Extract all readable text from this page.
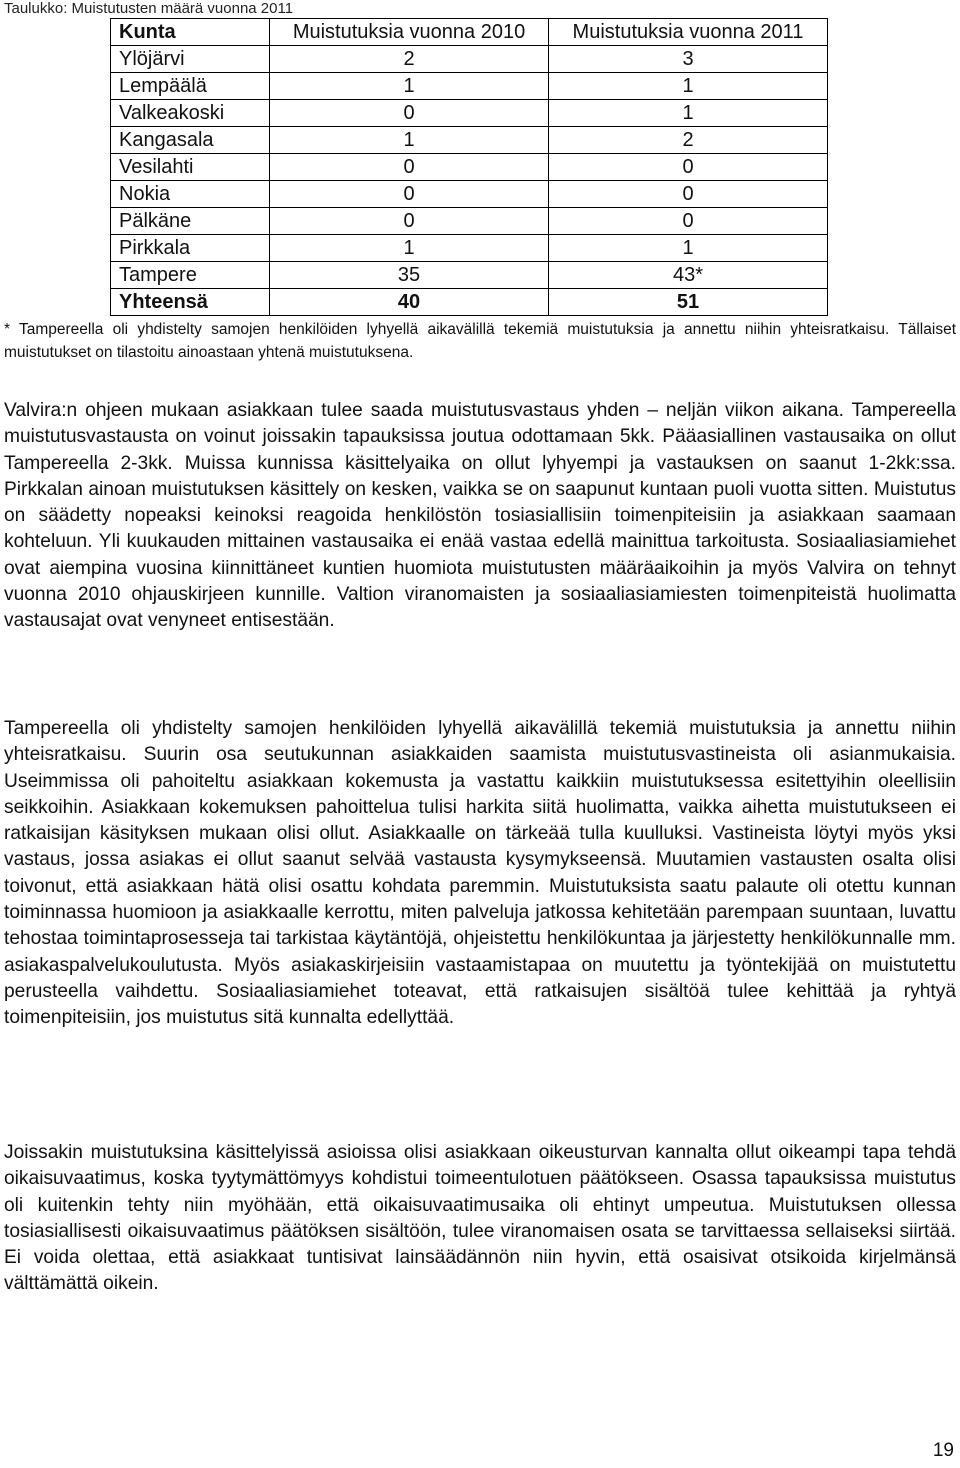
Taulukko: Muistutusten määrä vuonna 2011
Kunta	Muistutuksia vuonna 2010	Muistutuksia vuonna 2011
Ylöjärvi	2	3
Lempäälä	1	1
Valkeakoski	0	1
Kangasala	1	2
Vesilahti	0	0
Nokia	0	0
Pälkäne	0	0
Pirkkala	1	1
Tampere	35	43*
Yhteensä	40	51
* Tampereella oli yhdistelty samojen henkilöiden lyhyellä aikavälillä tekemiä muistutuksia ja annettu niihin yhteisratkaisu. Tällaiset muistutukset on tilastoitu ainoastaan yhtenä muistutuksena.

Valvira:n ohjeen mukaan asiakkaan tulee saada muistutusvastaus yhden – neljän viikon aikana. Tampereella muistutusvastausta on voinut joissakin tapauksissa joutua odottamaan 5kk. Pääasiallinen vastausaika on ollut Tampereella 2-3kk. Muissa kunnissa käsittelyaika on ollut lyhyempi ja vastauksen on saanut 1-2kk:ssa. Pirkkalan ainoan muistutuksen käsittely on kesken, vaikka se on saapunut kuntaan puoli vuotta sitten. Muistutus on säädetty nopeaksi keinoksi reagoida henkilöstön tosiasiallisiin toimenpiteisiin ja asiakkaan saamaan kohteluun. Yli kuukauden mittainen vastausaika ei enää vastaa edellä mainittua tarkoitusta. Sosiaaliasiamiehet ovat aiempina vuosina kiinnittäneet kuntien huomiota muistutusten määräaikoihin ja myös Valvira on tehnyt vuonna 2010 ohjauskirjeen kunnille. Valtion viranomaisten ja sosiaaliasiamiesten toimenpiteistä huolimatta vastausajat ovat venyneet entisestään.

Tampereella oli yhdistelty samojen henkilöiden lyhyellä aikavälillä tekemiä muistutuksia ja annettu niihin yhteisratkaisu. Suurin osa seutukunnan asiakkaiden saamista muistutusvastineista oli asianmukaisia. Useimmissa oli pahoiteltu asiakkaan kokemusta ja vastattu kaikkiin muistutuksessa esitettyihin oleellisiin seikkoihin. Asiakkaan kokemuksen pahoittelua tulisi harkita siitä huolimatta, vaikka aihetta muistutukseen ei ratkaisijan käsityksen mukaan olisi ollut. Asiakkaalle on tärkeää tulla kuulluksi. Vastineista löytyi myös yksi vastaus, jossa asiakas ei ollut saanut selvää vastausta kysymykseensä. Muutamien vastausten osalta olisi toivonut, että asiakkaan hätä olisi osattu kohdata paremmin. Muistutuksista saatu palaute oli otettu kunnan toiminnassa huomioon ja asiakkaalle kerrottu, miten palveluja jatkossa kehitetään parempaan suuntaan, luvattu tehostaa toimintaprosesseja tai tarkistaa käytäntöjä, ohjeistettu henkilökuntaa ja järjestetty henkilökunnalle mm. asiakaspalvelukoulutusta. Myös asiakaskirjeisiin vastaamistapaa on muutettu ja työntekijää on muistutettu perusteella vaihdettu. Sosiaaliasiamiehet toteavat, että ratkaisujen sisältöä tulee kehittää ja ryhtyä toimenpiteisiin, jos muistutus sitä kunnalta edellyttää.

Joissakin muistutuksina käsittelyissä asioissa olisi asiakkaan oikeusturvan kannalta ollut oikeampi tapa tehdä oikaisuvaatimus, koska tyytymättömyys kohdistui toimeentulotuen päätökseen. Osassa tapauksissa muistutus oli kuitenkin tehty niin myöhään, että oikaisuvaatimusaika oli ehtinyt umpeutua. Muistutuksen ollessa tosiasiallisesti oikaisuvaatimus päätöksen sisältöön, tulee viranomaisen osata se tarvittaessa sellaiseksi siirtää. Ei voida olettaa, että asiakkaat tuntisivat lainsäädännön niin hyvin, että osaisivat otsikoida kirjelmänsä välttämättä oikein.

19
